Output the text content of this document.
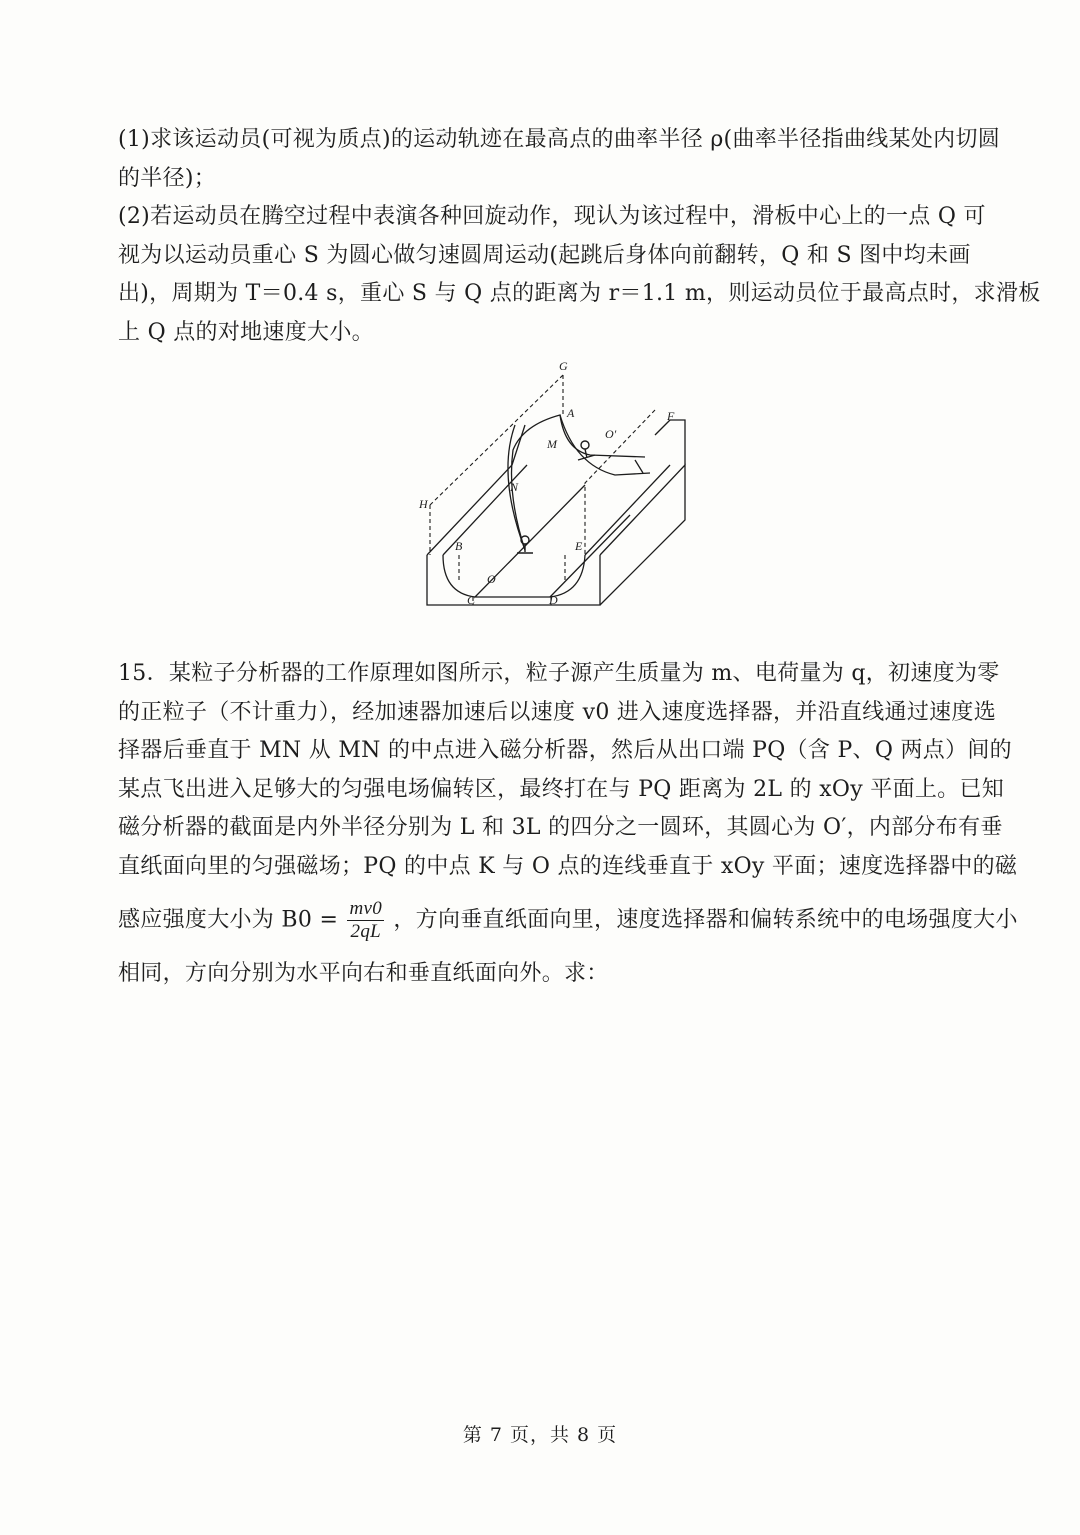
(1)求该运动员(可视为质点)的运动轨迹在最高点的曲率半径 ρ(曲率半径指曲线某处内切圆
的半径)；
(2)若运动员在腾空过程中表演各种回旋动作，现认为该过程中，滑板中心上的一点 Q 可
视为以运动员重心 S 为圆心做匀速圆周运动(起跳后身体向前翻转，Q 和 S 图中均未画
出)，周期为 T＝0.4 s，重心 S 与 Q 点的距离为 r＝1.1 m，则运动员位于最高点时，求滑板
上 Q 点的对地速度大小。
G
A	F
M
O′
N
H
B	E
O
C	D
15．某粒子分析器的工作原理如图所示，粒子源产生质量为 m、电荷量为 q，初速度为零
的正粒子（不计重力），经加速器加速后以速度 v0 进入速度选择器，并沿直线通过速度选
择器后垂直于 MN 从 MN 的中点进入磁分析器，然后从出口端 PQ（含 P、Q 两点）间的
某点飞出进入足够大的匀强电场偏转区，最终打在与 PQ 距离为 2L 的 xOy 平面上。已知
磁分析器的截面是内外半径分别为 L 和 3L 的四分之一圆环，其圆心为 O′，内部分布有垂
直纸面向里的匀强磁场；PQ 的中点 K 与 O 点的连线垂直于 xOy 平面；速度选择器中的磁
感应强度大小为 $B0 = \frac{mv0}{2qL}$ ，方向垂直纸面向里，速度选择器和偏转系统中的电场强度大小
相同，方向分别为水平向右和垂直纸面向外。求：
第 7 页，共 8 页
